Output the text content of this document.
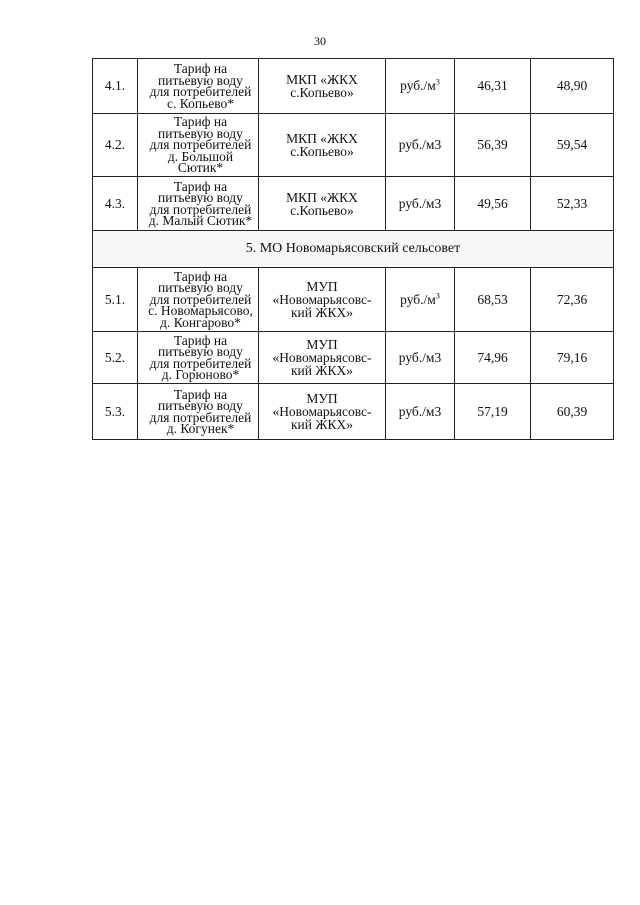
30
4.1.	Тариф на
питьевую воду
для потребителей
с. Копьево*	МКП «ЖКХ
с.Копьево»	$руб./м^3$	46,31	48,90
4.2.	Тариф на
питьевую воду
для потребителей
д. Большой
Сютик*	МКП «ЖКХ
с.Копьево»	руб./м3	56,39	59,54
4.3.	Тариф на
питьевую воду
для потребителей
д. Малый Сютик*	МКП «ЖКХ
с.Копьево»	руб./м3	49,56	52,33
5. МО Новомарьясовский сельсовет					
5.1.	Тариф на
питьевую воду
для потребителей
с. Новомарьясово,
д. Конгарово*	МУП
«Новомарьясовс-
кий ЖКХ»	$руб./м^3$	68,53	72,36
5.2.	Тариф на
питьевую воду
для потребителей
д. Горюново*	МУП
«Новомарьясовс-
кий ЖКХ»	руб./м3	74,96	79,16
5.3.	Тариф на
питьевую воду
для потребителей
д. Когунек*	МУП
«Новомарьясовс-
кий ЖКХ»	руб./м3	57,19	60,39
